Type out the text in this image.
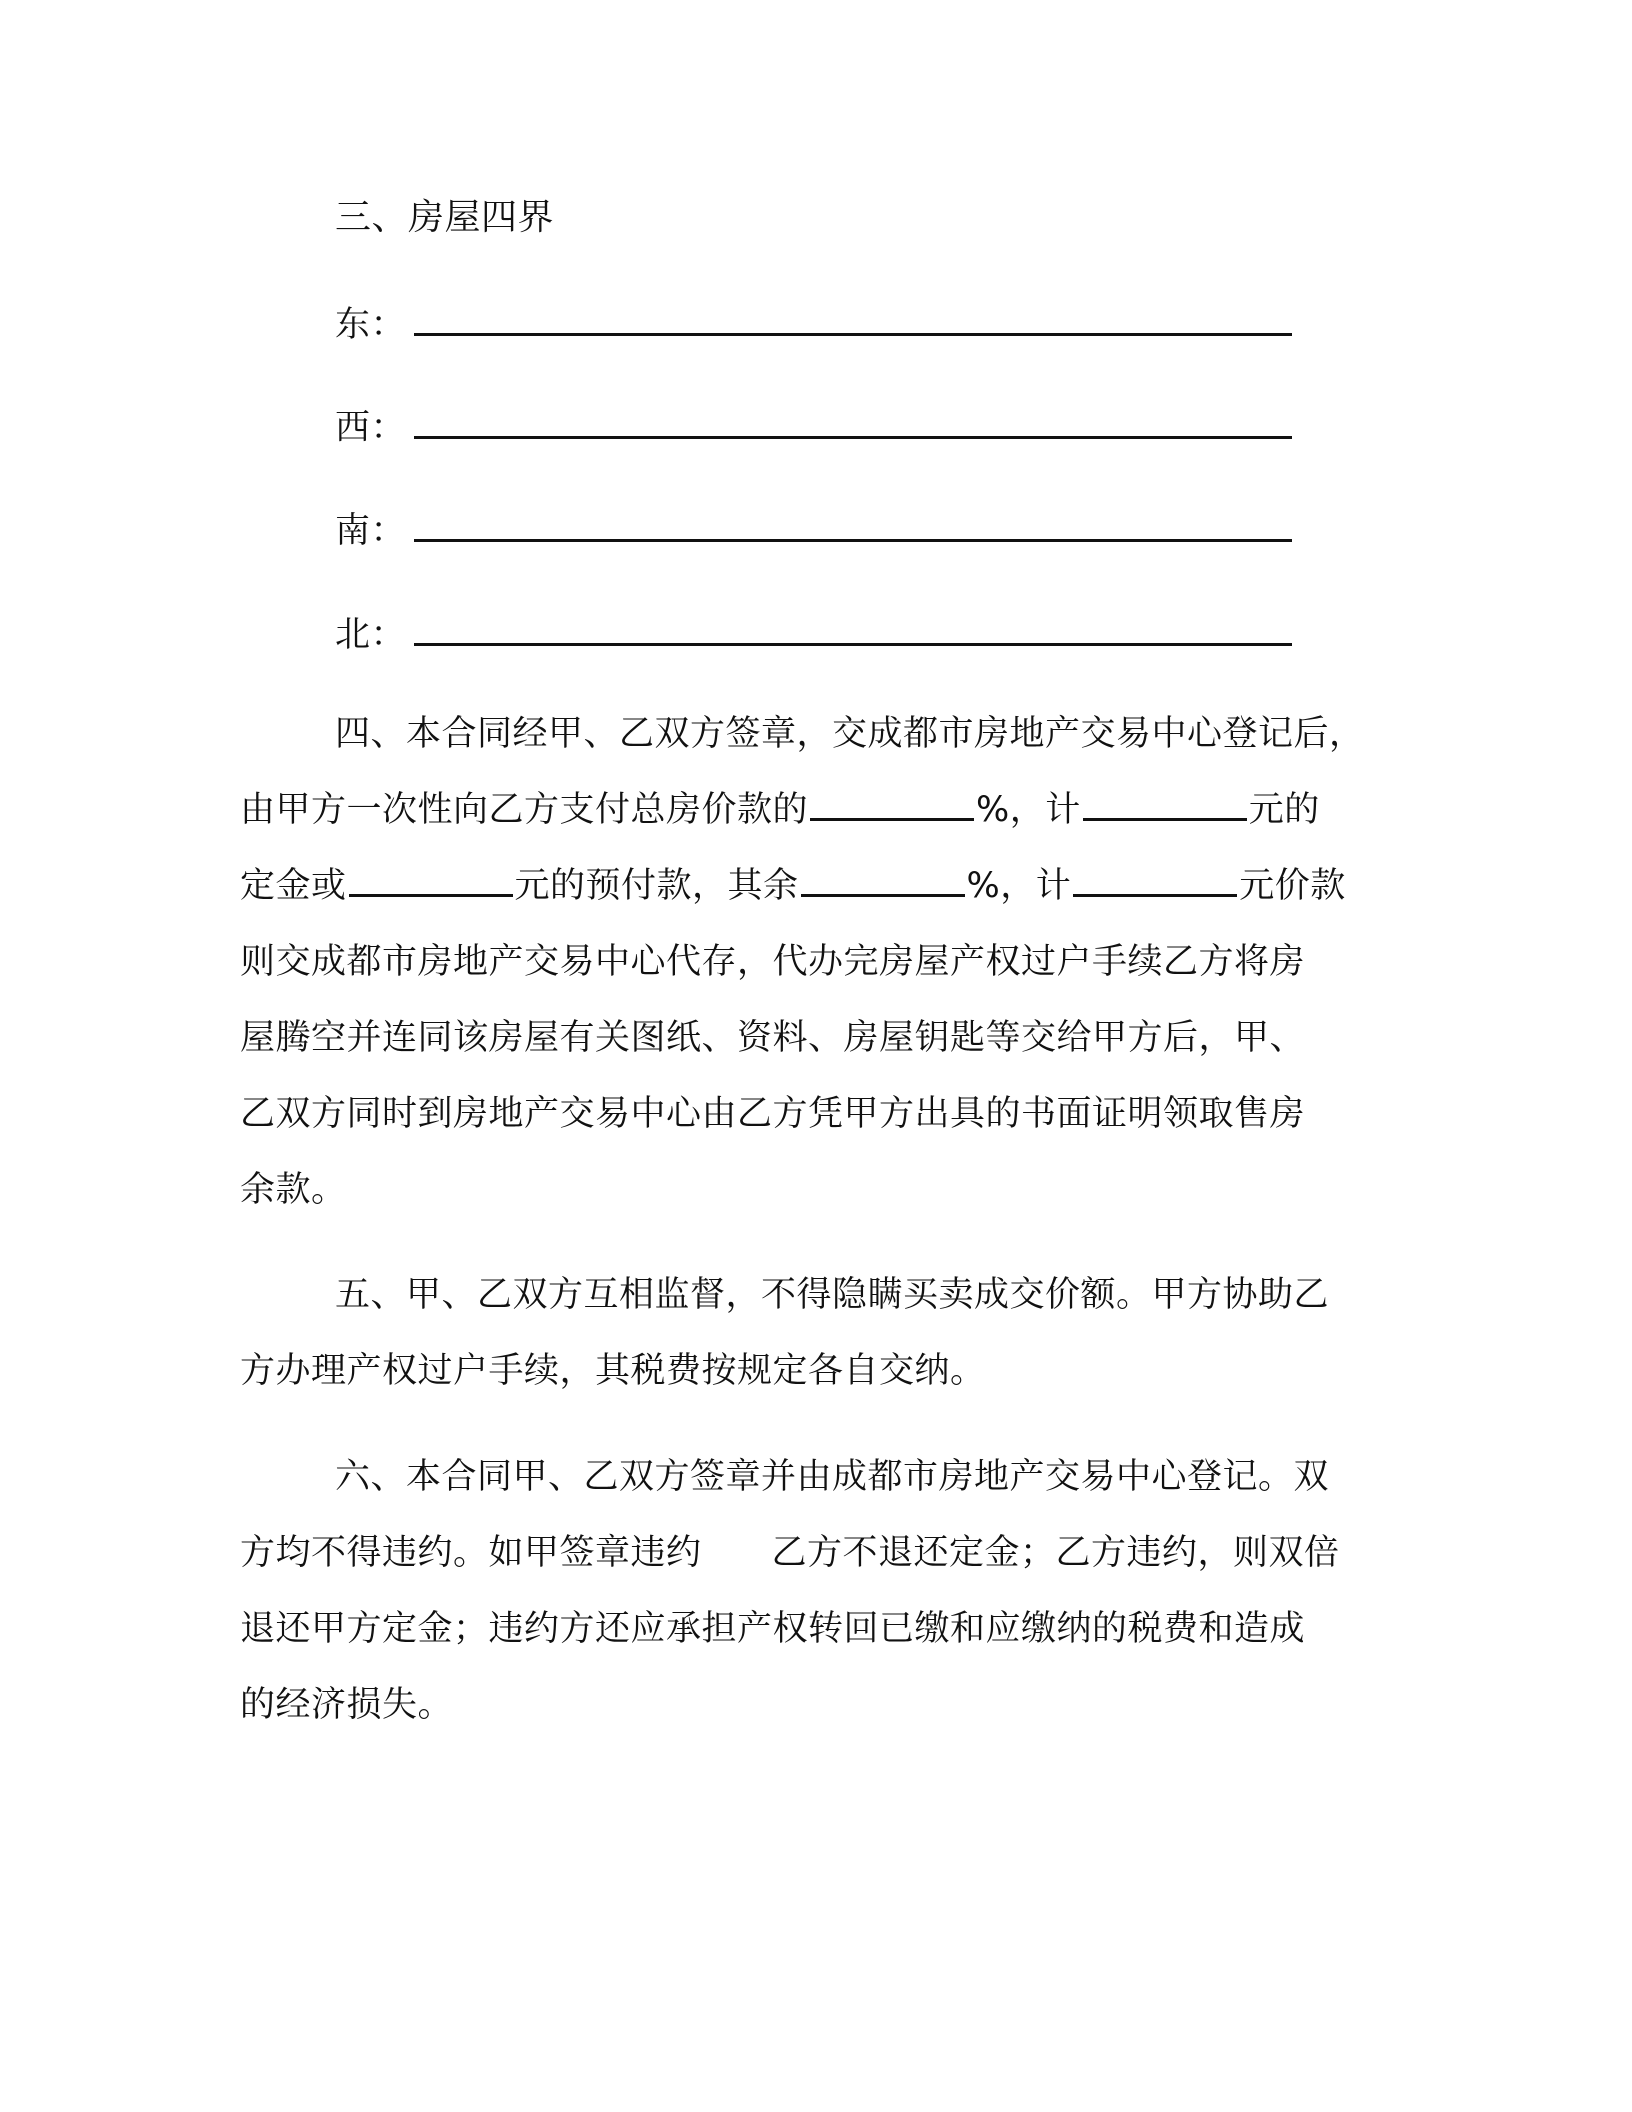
三、房屋四界
东：
西：
南：
北：
四、本合同经甲、乙双方签章，交成都市房地产交易中心登记后，
由甲方一次性向乙方支付总房价款的	%，计	元的
定金或	元的预付款，其余	%，计	元价款
则交成都市房地产交易中心代存，代办完房屋产权过户手续乙方将房
屋腾空并连同该房屋有关图纸、资料、房屋钥匙等交给甲方后，甲、
乙双方同时到房地产交易中心由乙方凭甲方出具的书面证明领取售房
余款。
五、甲、乙双方互相监督，不得隐瞒买卖成交价额。甲方协助乙
方办理产权过户手续，其税费按规定各自交纳。
六、本合同甲、乙双方签章并由成都市房地产交易中心登记。双
方均不得违约。如甲签章违约 乙方不退还定金；乙方违约，则双倍
退还甲方定金；违约方还应承担产权转回已缴和应缴纳的税费和造成
的经济损失。
